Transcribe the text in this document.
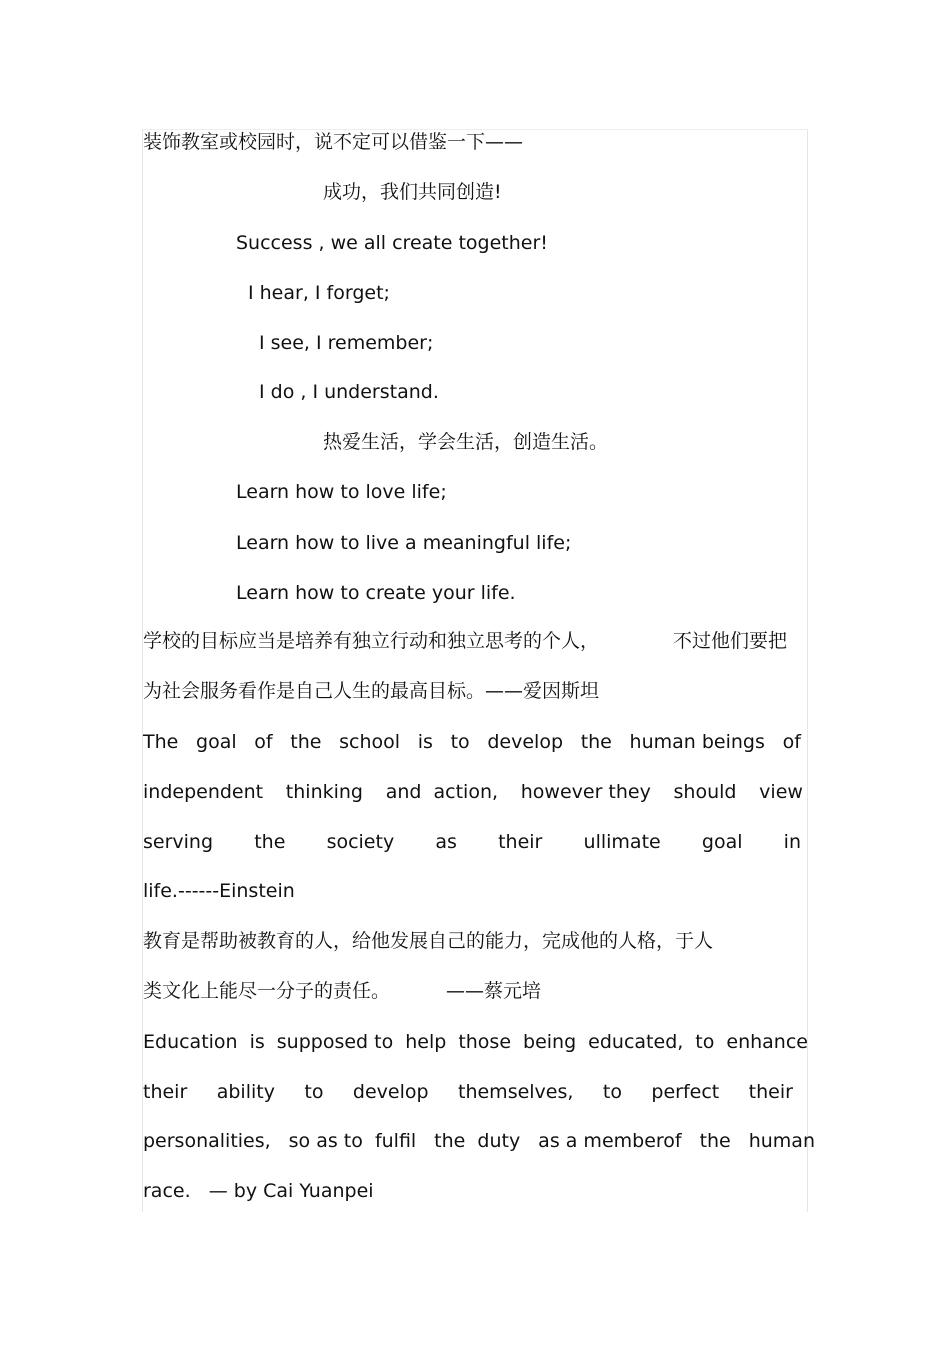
装饰教室或校园时，说不定可以借鉴一下——
成功，我们共同创造!
Success , we all create together!
I hear, I forget;
I see, I remember;
I do , I understand.
热爱生活，学会生活，创造生活。
Learn how to love life;
Learn how to live a meaningful life;
Learn how to create your life.
学校的目标应当是培养有独立行动和独立思考的个人，	不过他们要把
为社会服务看作是自己人生的最高目标。——爱因斯坦
The goal of the school is to develop the human beings of
independent thinking and  action, however they should view
serving the society as their ullimate goal in
life.------Einstein
教育是帮助被教育的人，给他发展自己的能力，完成他的人格，于人
类文化上能尽一分子的责任。	——蔡元培
Education is supposed to help those being educated, to enhance
their ability to develop themselves, to perfect their
personalities, so as to  fulfil the  duty as a memberof the human
race.   — by Cai Yuanpei
